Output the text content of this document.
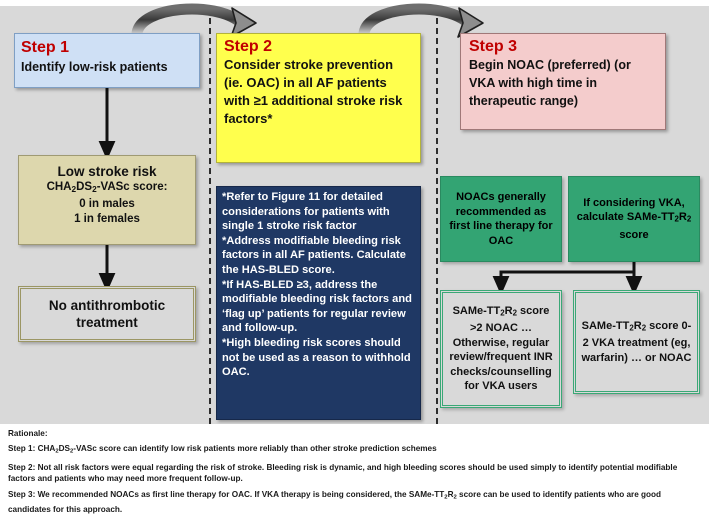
Step 1
Identify low-risk patients
Low stroke risk
$CHA_2DS_2$-VASc score:
0 in males
1 in females
No antithrombotic treatment
Step 2
Consider stroke prevention (ie. OAC) in all AF patients with ≥1 additional stroke risk factors*
*Refer to Figure 11 for detailed considerations for patients with single 1 stroke risk factor
*Address modifiable bleeding risk factors in all AF patients. Calculate the HAS-BLED score.
*If HAS-BLED ≥3, address the modifiable bleeding risk factors and ‘flag up’ patients for regular review and follow-up.
*High bleeding risk scores should not be used as a reason to withhold OAC.
Step 3
Begin NOAC (preferred) (or VKA with high time in therapeutic range)
NOACs generally recommended as first line therapy for OAC
If considering VKA, calculate SAMe-$TT_2R_2$ score
SAMe-$TT_2R_2$ score >2 NOAC …Otherwise, regular review/frequent INR checks/counselling for VKA users
SAMe-$TT_2R_2$ score 0-2 VKA treatment (eg, warfarin) … or NOAC

Rationale:

Step 1: $CHA_2DS_2$-VASc score can identify low risk patients more reliably than other stroke prediction schemes

Step 2: Not all risk factors were equal regarding the risk of stroke. Bleeding risk is dynamic, and high bleeding scores should be used simply to identify potential modifiable factors and patients who may need more frequent follow-up.

Step 3: We recommended NOACs as first line therapy for OAC. If VKA therapy is being considered, the SAMe-$TT_2R_2$ score can be used to identify patients who are good candidates for this approach.
